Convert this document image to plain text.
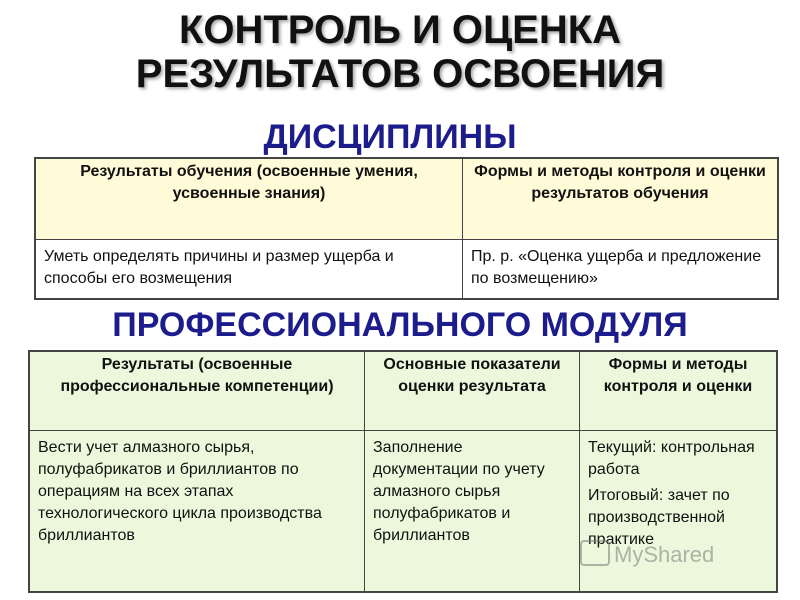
КОНТРОЛЬ И ОЦЕНКА
РЕЗУЛЬТАТОВ ОСВОЕНИЯ
ДИСЦИПЛИНЫ
Результаты обучения (освоенные умения, усвоенные знания)	Формы и методы контроля и оценки результатов обучения
Уметь определять причины и размер ущерба и способы его возмещения	Пр. р. «Оценка ущерба и предложение по возмещению»
ПРОФЕССИОНАЛЬНОГО МОДУЛЯ
Результаты (освоенные профессиональные компетенции)	Основные показатели оценки результата	Формы и методы контроля и оценки
Вести учет алмазного сырья, полуфабрикатов и бриллиантов по операциям на всех этапах технологического цикла производства бриллиантов	Заполнение документации по учету алмазного сырья полуфабрикатов и бриллиантов	Текущий: контрольная работа
Итоговый: зачет по производственной практике
MyShared
